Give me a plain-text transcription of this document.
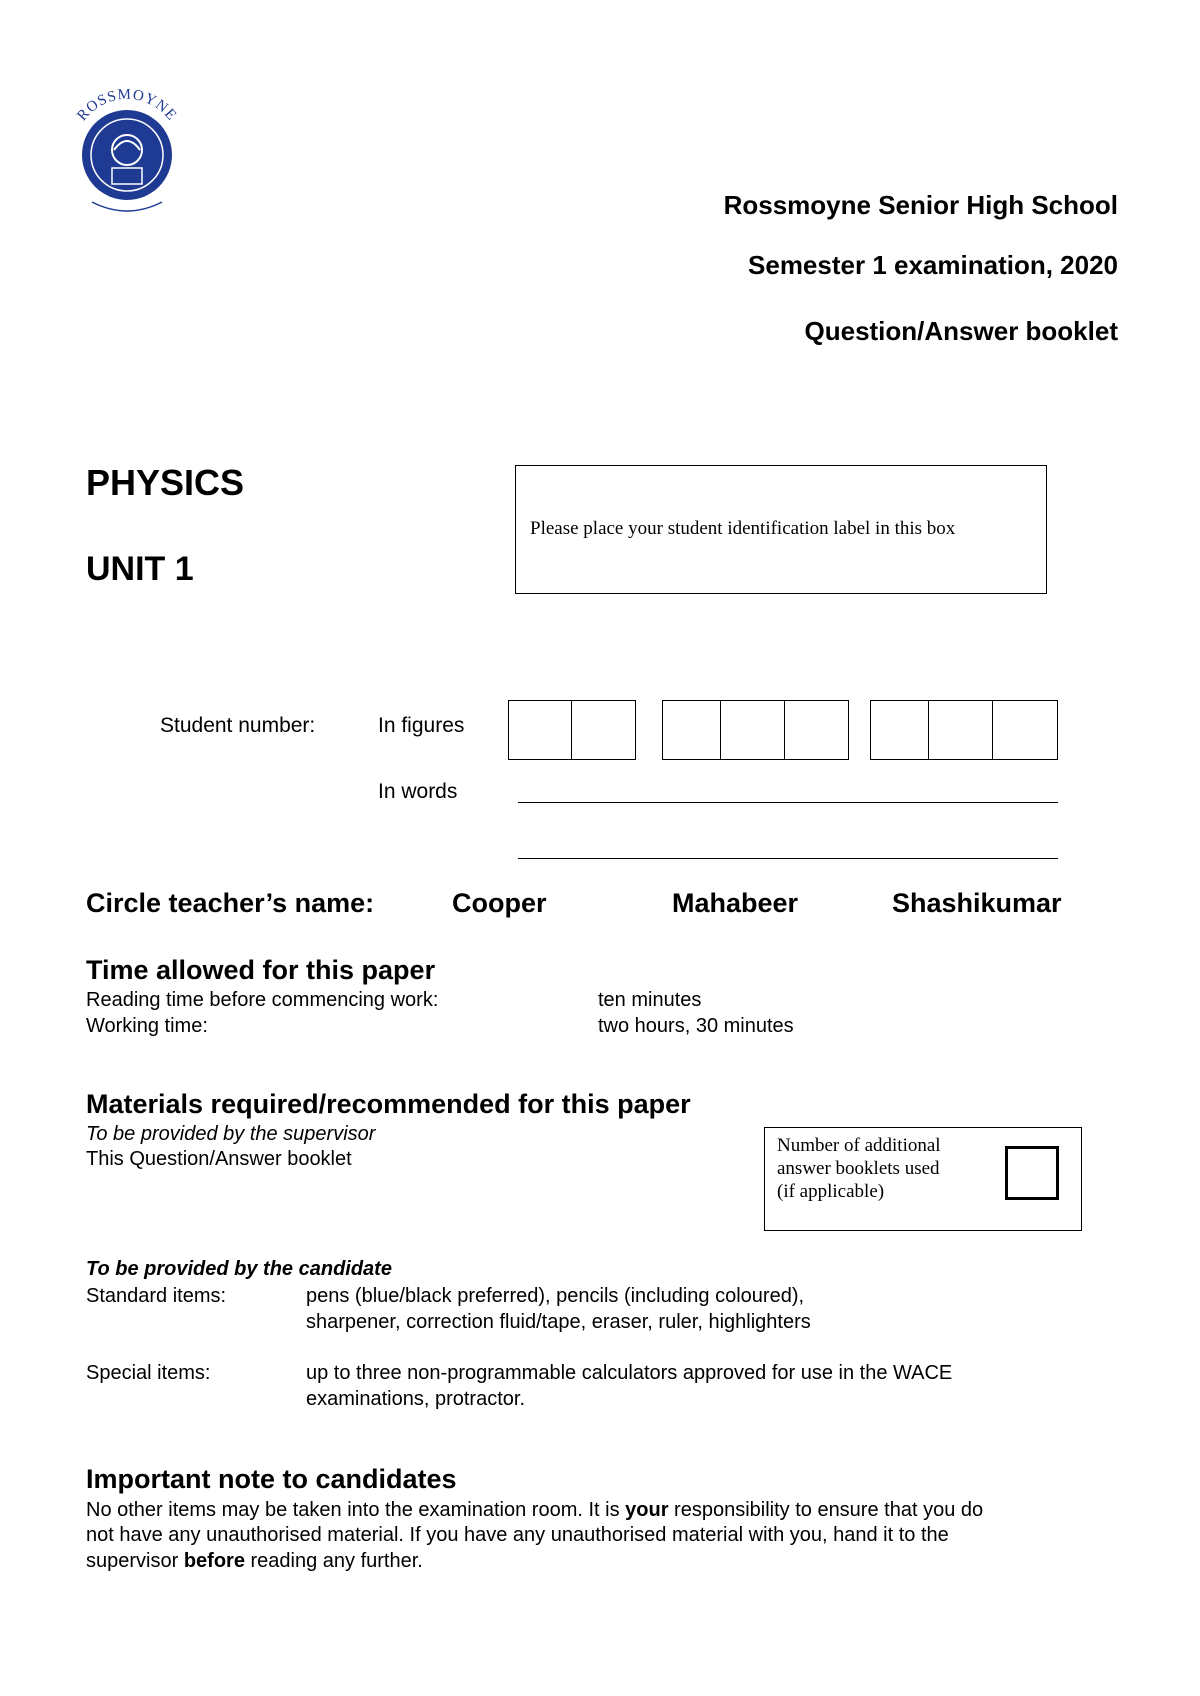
ROSSMOYNE
Rossmoyne Senior High School
Semester 1 examination, 2020
Question/Answer booklet
PHYSICS
UNIT 1
Please place your student identification label in this box
Student number:	In figures
In words
Circle teacher’s name:	Cooper	Mahabeer	Shashikumar
Time allowed for this paper
Reading time before commencing work:	ten minutes
Working time:	two hours, 30 minutes
Materials required/recommended for this paper
To be provided by the supervisor
This Question/Answer booklet
Number of additional
answer booklets used
(if applicable)
To be provided by the candidate
Standard items:	pens (blue/black preferred), pencils (including coloured),
sharpener, correction fluid/tape, eraser, ruler, highlighters
Special items:	up to three non-programmable calculators approved for use in the WACE
examinations, protractor.
Important note to candidates
No other items may be taken into the examination room. It is your responsibility to ensure that you do
not have any unauthorised material. If you have any unauthorised material with you, hand it to the
supervisor before reading any further.
